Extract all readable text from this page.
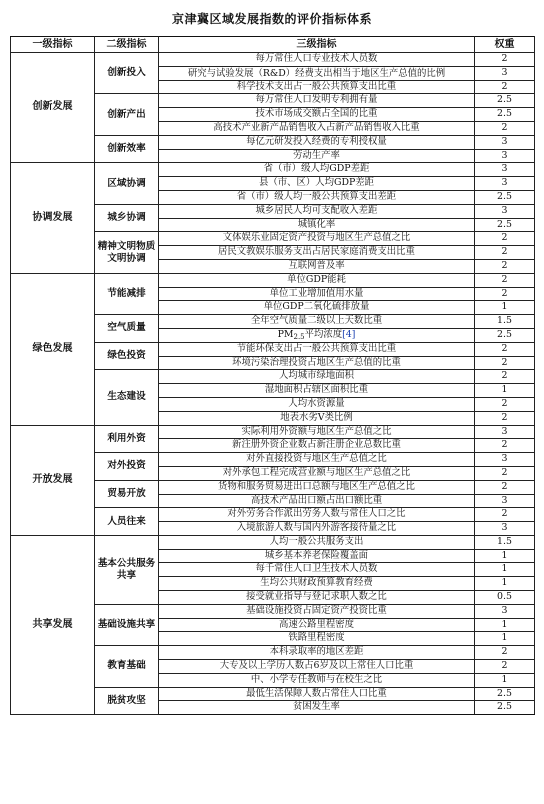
京津冀区域发展指数的评价指标体系
一级指标	二级指标	三级指标	权重
创新发展	创新投入	每万常住人口专业技术人员数	2
		研究与试验发展（R&D）经费支出相当于地区生产总值的比例	3
		科学技术支出占一般公共预算支出比重	2
	创新产出	每万常住人口发明专利拥有量	2.5
		技术市场成交额占全国的比重	2.5
		高技术产业新产品销售收入占新产品销售收入比重	2
	创新效率	每亿元研发投入经费的专利授权量	3
		劳动生产率	3
协调发展	区域协调	省（市）级人均GDP差距	3
		县（市、区）人均GDP差距	3
		省（市）级人均一般公共预算支出差距	2.5
	城乡协调	城乡居民人均可支配收入差距	3
		城镇化率	2.5
	精神文明物质文明协调	文体娱乐业固定资产投资与地区生产总值之比	2
		居民文教娱乐服务支出占居民家庭消费支出比重	2
		互联网普及率	2
绿色发展	节能减排	单位GDP能耗	2
		单位工业增加值用水量	2
		单位GDP二氧化硫排放量	1
	空气质量	全年空气质量二级以上天数比重	1.5
		$PM_{2.5}$平均浓度[4]	2.5
	绿色投资	节能环保支出占一般公共预算支出比重	2
		环境污染治理投资占地区生产总值的比重	2
	生态建设	人均城市绿地面积	2
		湿地面积占辖区面积比重	1
		人均水资源量	2
		地表水劣V类比例	2
开放发展	利用外资	实际利用外资额与地区生产总值之比	3
		新注册外资企业数占新注册企业总数比重	2
	对外投资	对外直接投资与地区生产总值之比	3
		对外承包工程完成营业额与地区生产总值之比	2
	贸易开放	货物和服务贸易进出口总额与地区生产总值之比	2
		高技术产品出口额占出口额比重	3
	人员往来	对外劳务合作派出劳务人数与常住人口之比	2
		入境旅游人数与国内外游客接待量之比	3
共享发展	基本公共服务共享	人均一般公共服务支出	1.5
		城乡基本养老保险覆盖面	1
		每千常住人口卫生技术人员数	1
		生均公共财政预算教育经费	1
		接受就业指导与登记求职人数之比	0.5
	基础设施共享	基础设施投资占固定资产投资比重	3
		高速公路里程密度	1
		铁路里程密度	1
	教育基础	本科录取率的地区差距	2
		大专及以上学历人数占6岁及以上常住人口比重	2
		中、小学专任教师与在校生之比	1
	脱贫攻坚	最低生活保障人数占常住人口比重	2.5
		贫困发生率	2.5
